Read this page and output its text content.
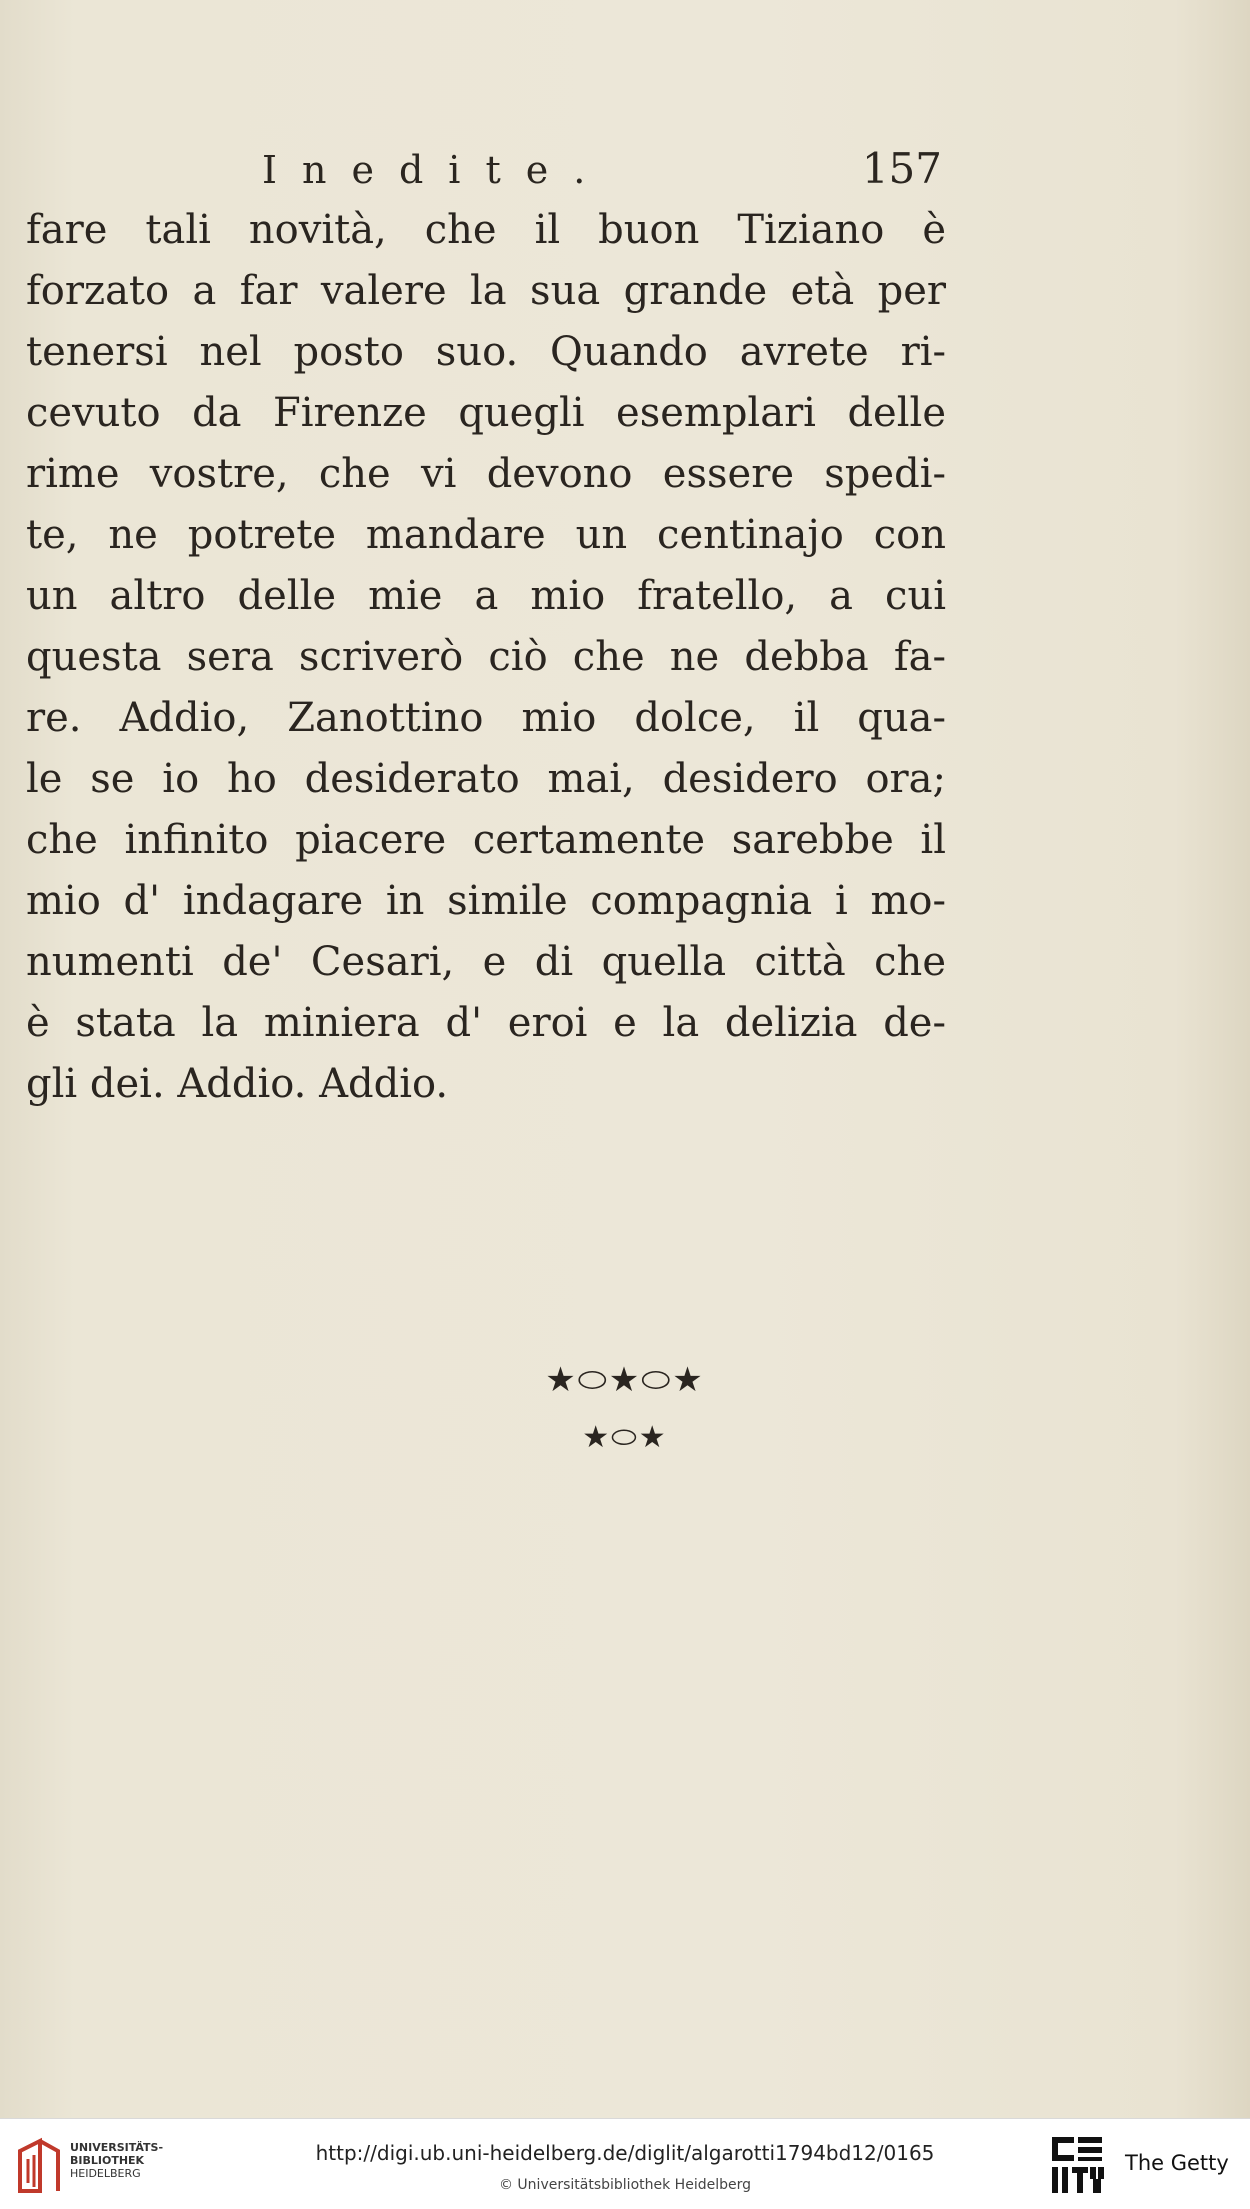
Inedite.	157
fare tali novità, che il buon Tiziano è
forzato a far valere la sua grande età per
tenersi nel posto suo. Quando avrete ri-
cevuto da Firenze quegli esemplari delle
rime vostre, che vi devono essere spedi-
te, ne potrete mandare un centinajo con
un altro delle mie a mio fratello, a cui
questa sera scriverò ciò che ne debba fa-
re. Addio, Zanottino mio dolce, il qua-
le se io ho desiderato mai, desidero ora;
che infinito piacere certamente sarebbe il
mio d' indagare in simile compagnia i mo-
numenti de' Cesari, e di quella città che
è stata la miniera d' eroi e la delizia de-
gli dei. Addio. Addio.
★⬭★⬭★
★⬭★
UNIVERSITÄTS-
BIBLIOTHEK
HEIDELBERG
http://digi.ub.uni-heidelberg.de/diglit/algarotti1794bd12/0165
© Universitätsbibliothek Heidelberg
The Getty
